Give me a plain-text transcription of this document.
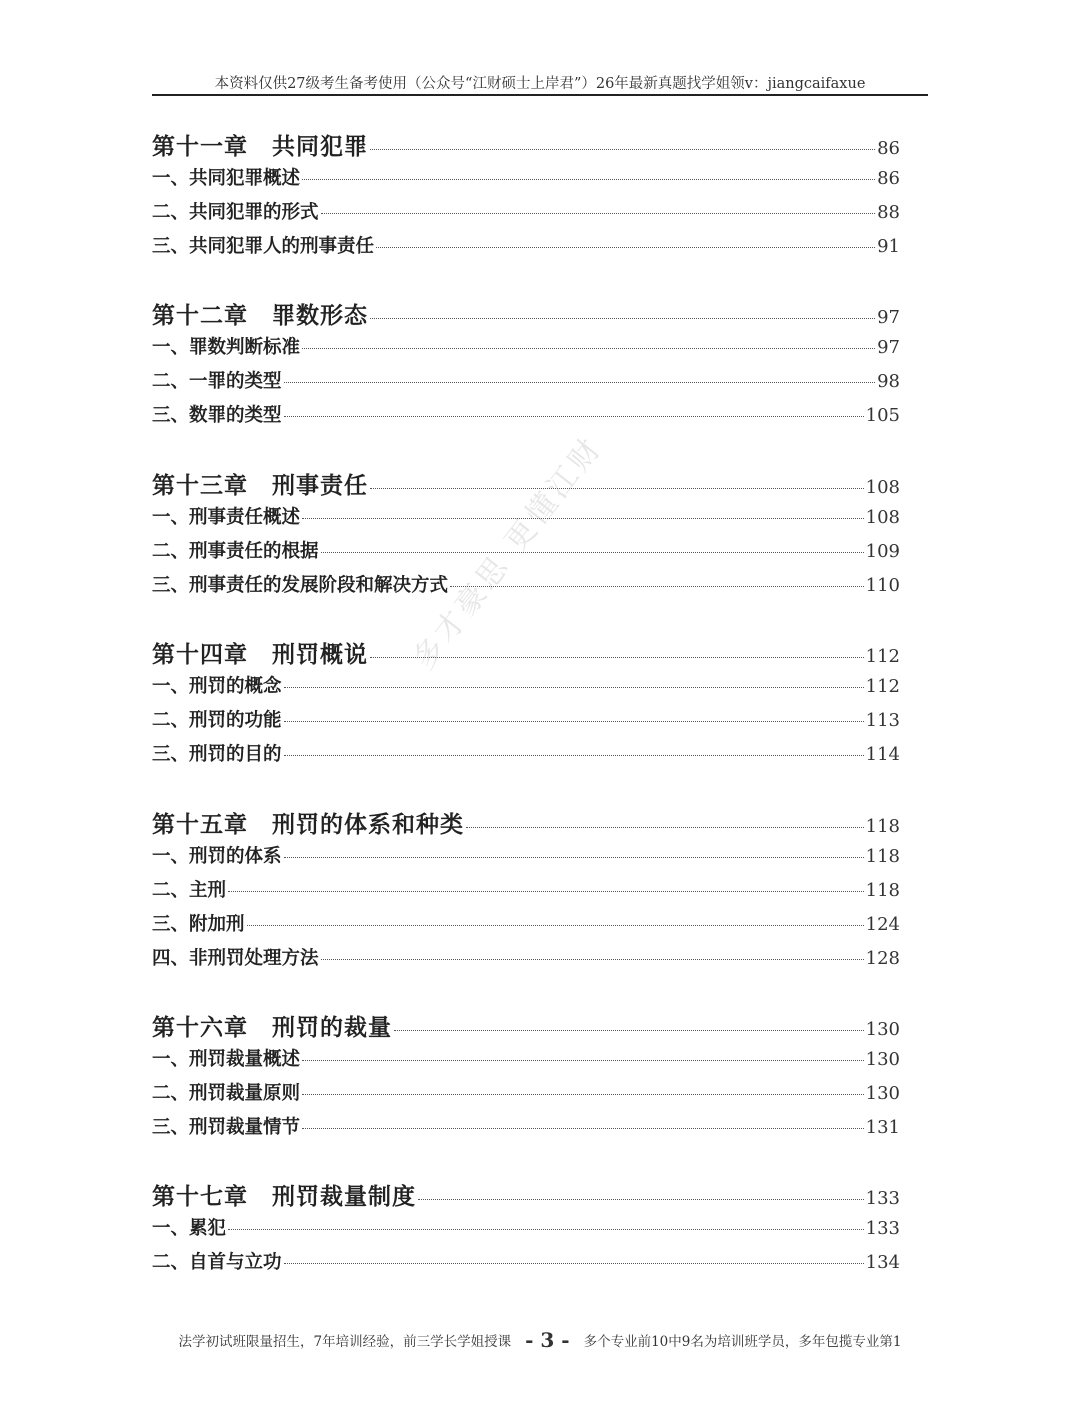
本资料仅供27级考生备考使用（公众号“江财硕士上岸君”）26年最新真题找学姐领v：jiangcaifaxue
第十一章　共同犯罪	86
一、共同犯罪概述	86
二、共同犯罪的形式	88
三、共同犯罪人的刑事责任	91
第十二章　罪数形态	97
一、罪数判断标准	97
二、一罪的类型	98
三、数罪的类型	105
第十三章　刑事责任	108
一、刑事责任概述	108
二、刑事责任的根据	109
三、刑事责任的发展阶段和解决方式	110
第十四章　刑罚概说	112
一、刑罚的概念	112
二、刑罚的功能	113
三、刑罚的目的	114
第十五章　刑罚的体系和种类	118
一、刑罚的体系	118
二、主刑	118
三、附加刑	124
四、非刑罚处理方法	128
第十六章　刑罚的裁量	130
一、刑罚裁量概述	130
二、刑罚裁量原则	130
三、刑罚裁量情节	131
第十七章　刑罚裁量制度	133
一、累犯	133
二、自首与立功	134
多才豪思 更懂江财
法学初试班限量招生，7年培训经验，前三学长学姐授课 - 3 - 多个专业前10中9名为培训班学员，多年包揽专业第1
